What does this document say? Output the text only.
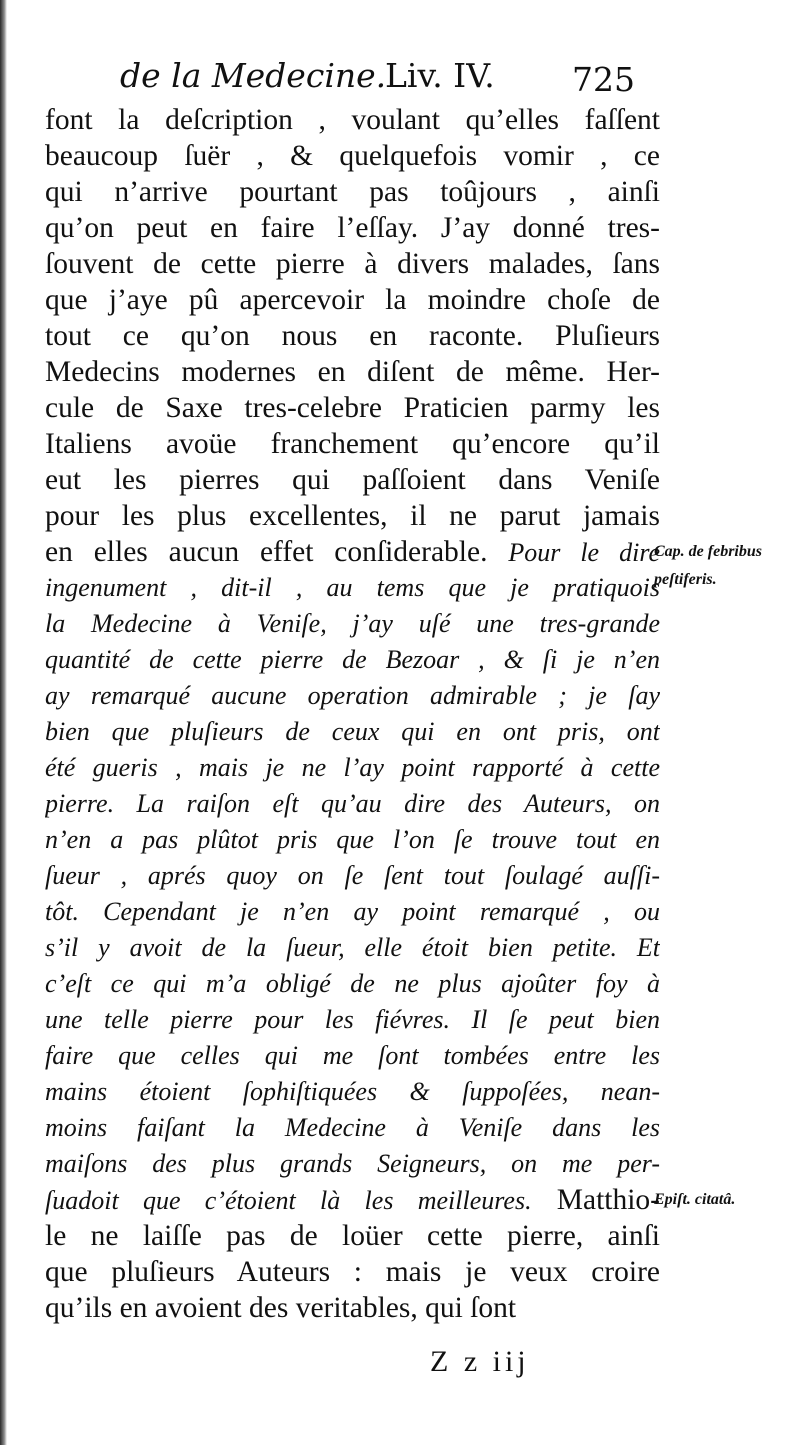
de la Medecine.
Liv. IV. 725
font la deſcription , voulant qu’elles faſſent
beaucoup ſuër , & quelquefois vomir , ce
qui n’arrive pourtant pas toûjours , ainſi
qu’on peut en faire l’eſſay. J’ay donné tres-
ſouvent de cette pierre à divers malades, ſans
que j’aye pû apercevoir la moindre choſe de
tout ce qu’on nous en raconte. Pluſieurs
Medecins modernes en diſent de même. Her-
cule de Saxe tres-celebre Praticien parmy les
Italiens avoüe franchement qu’encore qu’il
eut les pierres qui paſſoient dans Veniſe
pour les plus excellentes, il ne parut jamais
en elles aucun effet conſiderable. Pour le dire
ingenument , dit-il , au tems que je pratiquois
la Medecine à Veniſe, j’ay uſé une tres-grande
quantité de cette pierre de Bezoar , & ſi je n’en
ay remarqué aucune operation admirable ; je ſay
bien que pluſieurs de ceux qui en ont pris, ont
été gueris , mais je ne l’ay point rapporté à cette
pierre. La raiſon eſt qu’au dire des Auteurs, on
n’en a pas plûtot pris que l’on ſe trouve tout en
ſueur , aprés quoy on ſe ſent tout ſoulagé auſſi-
tôt. Cependant je n’en ay point remarqué , ou
s’il y avoit de la ſueur, elle étoit bien petite. Et
c’eſt ce qui m’a obligé de ne plus ajoûter foy à
une telle pierre pour les fiévres. Il ſe peut bien
faire que celles qui me ſont tombées entre les
mains étoient ſophiſtiquées & ſuppoſées, nean-
moins faiſant la Medecine à Veniſe dans les
maiſons des plus grands Seigneurs, on me per-
ſuadoit que c’étoient là les meilleures. Matthio-
le ne laiſſe pas de loüer cette pierre, ainſi
que pluſieurs Auteurs : mais je veux croire
qu’ils en avoient des veritables, qui ſont
Cap. de febribus peſtiferis.
Epiſt. citatâ.
Z z iij
